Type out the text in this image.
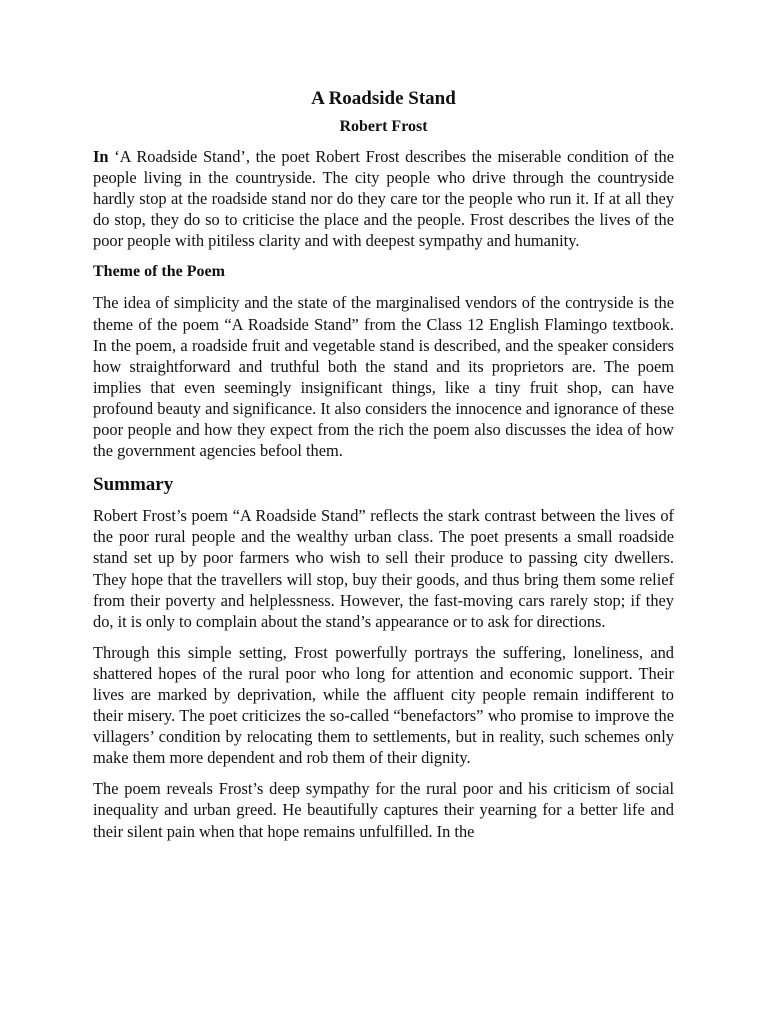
A Roadside Stand
Robert Frost

In ‘A Roadside Stand’, the poet Robert Frost describes the miserable condition of the people living in the countryside. The city people who drive through the countryside hardly stop at the roadside stand nor do they care tor the people who run it. If at all they do stop, they do so to criticise the place and the people. Frost describes the lives of the poor people with pitiless clarity and with deepest sympathy and humanity.

Theme of the Poem

The idea of simplicity and the state of the marginalised vendors of the contryside is the theme of the poem “A Roadside Stand” from the Class 12 English Flamingo textbook. In the poem, a roadside fruit and vegetable stand is described, and the speaker considers how straightforward and truthful both the stand and its proprietors are. The poem implies that even seemingly insignificant things, like a tiny fruit shop, can have profound beauty and significance. It also considers the innocence and ignorance of these poor people and how they expect from the rich the poem also discusses the idea of how the government agencies befool them.

Summary

Robert Frost’s poem “A Roadside Stand” reflects the stark contrast between the lives of the poor rural people and the wealthy urban class. The poet presents a small roadside stand set up by poor farmers who wish to sell their produce to passing city dwellers. They hope that the travellers will stop, buy their goods, and thus bring them some relief from their poverty and helplessness. However, the fast-moving cars rarely stop; if they do, it is only to complain about the stand’s appearance or to ask for directions.

Through this simple setting, Frost powerfully portrays the suffering, loneliness, and shattered hopes of the rural poor who long for attention and economic support. Their lives are marked by deprivation, while the affluent city people remain indifferent to their misery. The poet criticizes the so-called “benefactors” who promise to improve the villagers’ condition by relocating them to settlements, but in reality, such schemes only make them more dependent and rob them of their dignity.

The poem reveals Frost’s deep sympathy for the rural poor and his criticism of social inequality and urban greed. He beautifully captures their yearning for a better life and their silent pain when that hope remains unfulfilled. In the
